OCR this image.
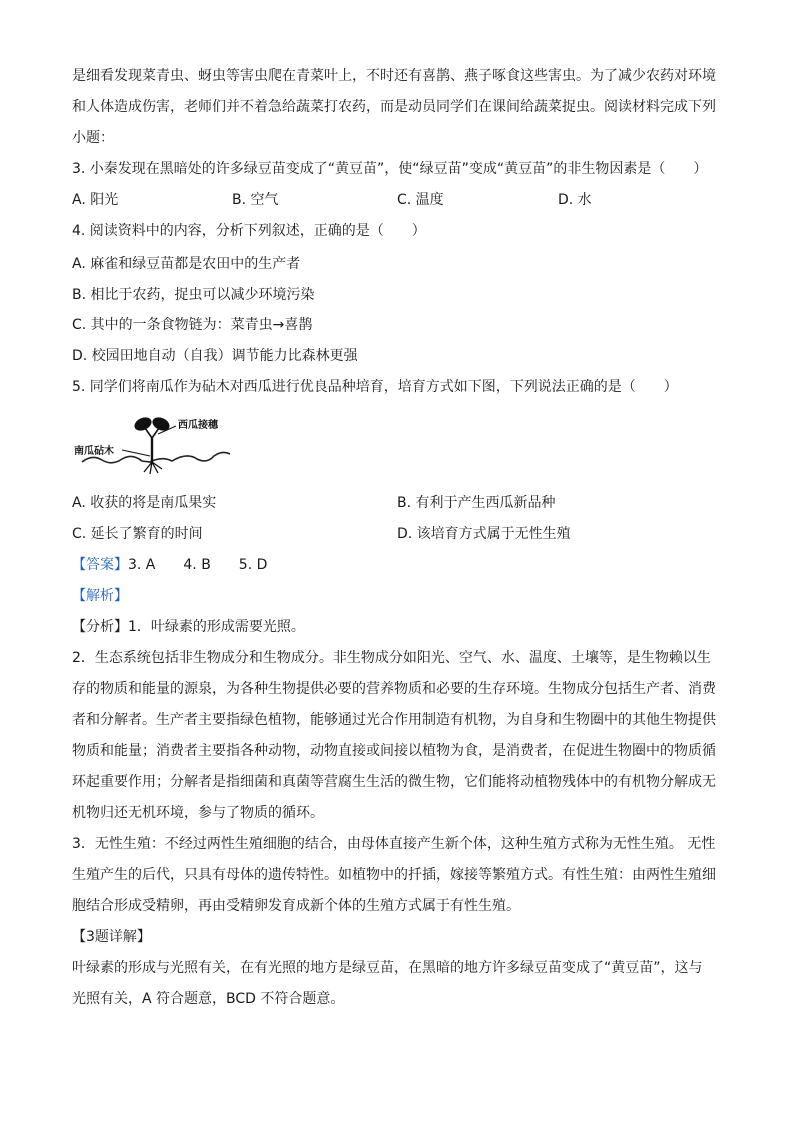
是细看发现菜青虫、蚜虫等害虫爬在青菜叶上，不时还有喜鹊、燕子啄食这些害虫。为了减少农药对环境
和人体造成伤害，老师们并不着急给蔬菜打农药，而是动员同学们在课间给蔬菜捉虫。阅读材料完成下列
小题：
3. 小秦发现在黑暗处的许多绿豆苗变成了“黄豆苗”，使“绿豆苗”变成“黄豆苗”的非生物因素是（　　）
A. 阳光	B. 空气	C. 温度	D. 水
4. 阅读资料中的内容，分析下列叙述，正确的是（　　）
A. 麻雀和绿豆苗都是农田中的生产者
B. 相比于农药，捉虫可以减少环境污染
C. 其中的一条食物链为：菜青虫→喜鹊
D. 校园田地自动（自我）调节能力比森林更强
5. 同学们将南瓜作为砧木对西瓜进行优良品种培育，培育方式如下图，下列说法正确的是（　　）
西瓜接穗
南瓜砧木
A. 收获的将是南瓜果实	B. 有利于产生西瓜新品种
C. 延长了繁育的时间	D. 该培育方式属于无性生殖
【答案】3. A　　4. B　　5. D
【解析】
【分析】1．叶绿素的形成需要光照。
2．生态系统包括非生物成分和生物成分。非生物成分如阳光、空气、水、温度、土壤等，是生物赖以生
存的物质和能量的源泉，为各种生物提供必要的营养物质和必要的生存环境。生物成分包括生产者、消费
者和分解者。生产者主要指绿色植物，能够通过光合作用制造有机物，为自身和生物圈中的其他生物提供
物质和能量；消费者主要指各种动物，动物直接或间接以植物为食，是消费者，在促进生物圈中的物质循
环起重要作用；分解者是指细菌和真菌等营腐生生活的微生物，它们能将动植物残体中的有机物分解成无
机物归还无机环境，参与了物质的循环。
3．无性生殖：不经过两性生殖细胞的结合，由母体直接产生新个体，这种生殖方式称为无性生殖。 无性
生殖产生的后代，只具有母体的遗传特性。如植物中的扦插，嫁接等繁殖方式。有性生殖：由两性生殖细
胞结合形成受精卵，再由受精卵发育成新个体的生殖方式属于有性生殖。
【3题详解】
叶绿素的形成与光照有关，在有光照的地方是绿豆苗，在黑暗的地方许多绿豆苗变成了“黄豆苗”，这与
光照有关，A 符合题意，BCD 不符合题意。
